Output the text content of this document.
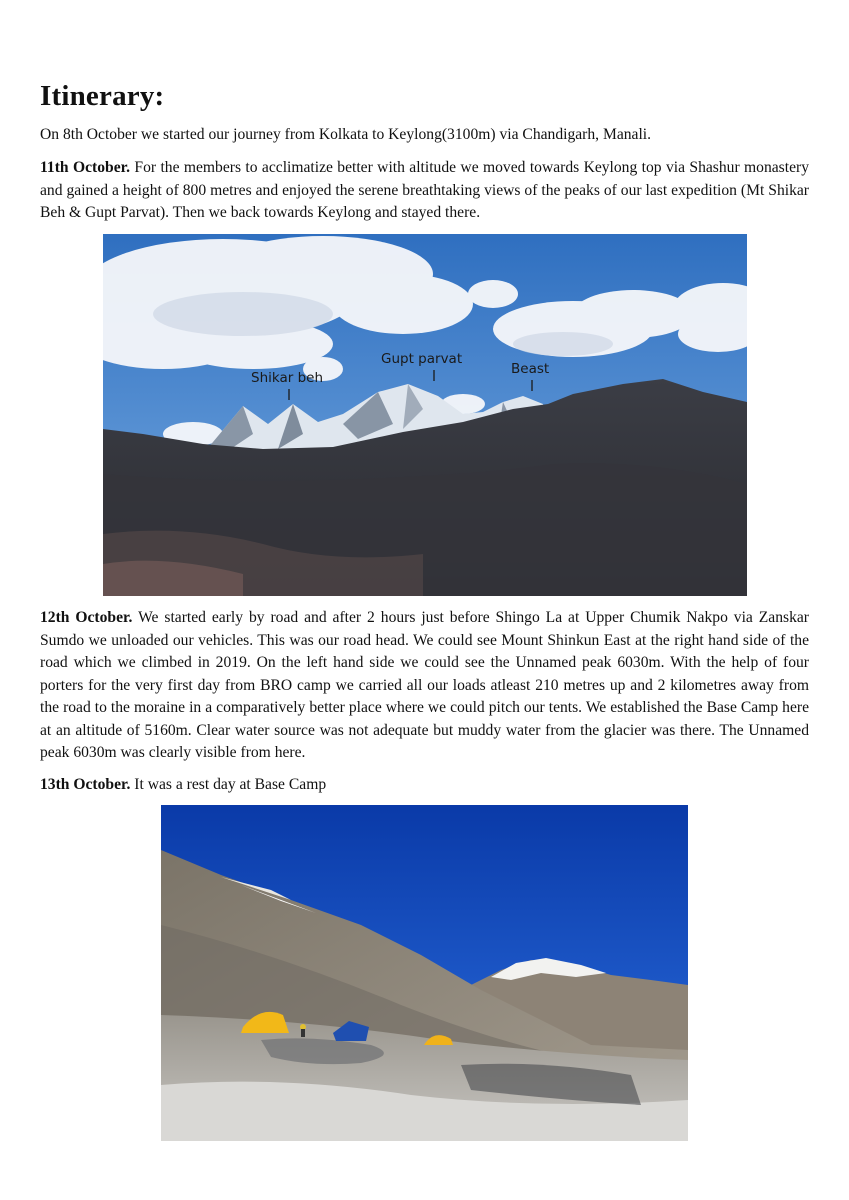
Itinerary:

On 8th October we started our journey from Kolkata to Keylong(3100m) via Chandigarh, Manali.

11th October. For the members to acclimatize better with altitude we moved towards Keylong top via Shashur monastery and gained a height of 800 metres and enjoyed the serene breathtaking views of the peaks of our last expedition (Mt Shikar Beh & Gupt Parvat). Then we back towards Keylong and stayed there.

Shikar beh
Gupt parvat
Beast

12th October. We started early by road and after 2 hours just before Shingo La at Upper Chumik Nakpo via Zanskar Sumdo we unloaded our vehicles. This was our road head. We could see Mount Shinkun East at the right hand side of the road which we climbed in 2019. On the left hand side we could see the Unnamed peak 6030m. With the help of four porters for the very first day from BRO camp we carried all our loads atleast 210 metres up and 2 kilometres away from the road to the moraine in a comparatively better place where we could pitch our tents. We established the Base Camp here at an altitude of 5160m. Clear water source was not adequate but muddy water from the glacier was there. The Unnamed peak 6030m was clearly visible from here.

13th October. It was a rest day at Base Camp
